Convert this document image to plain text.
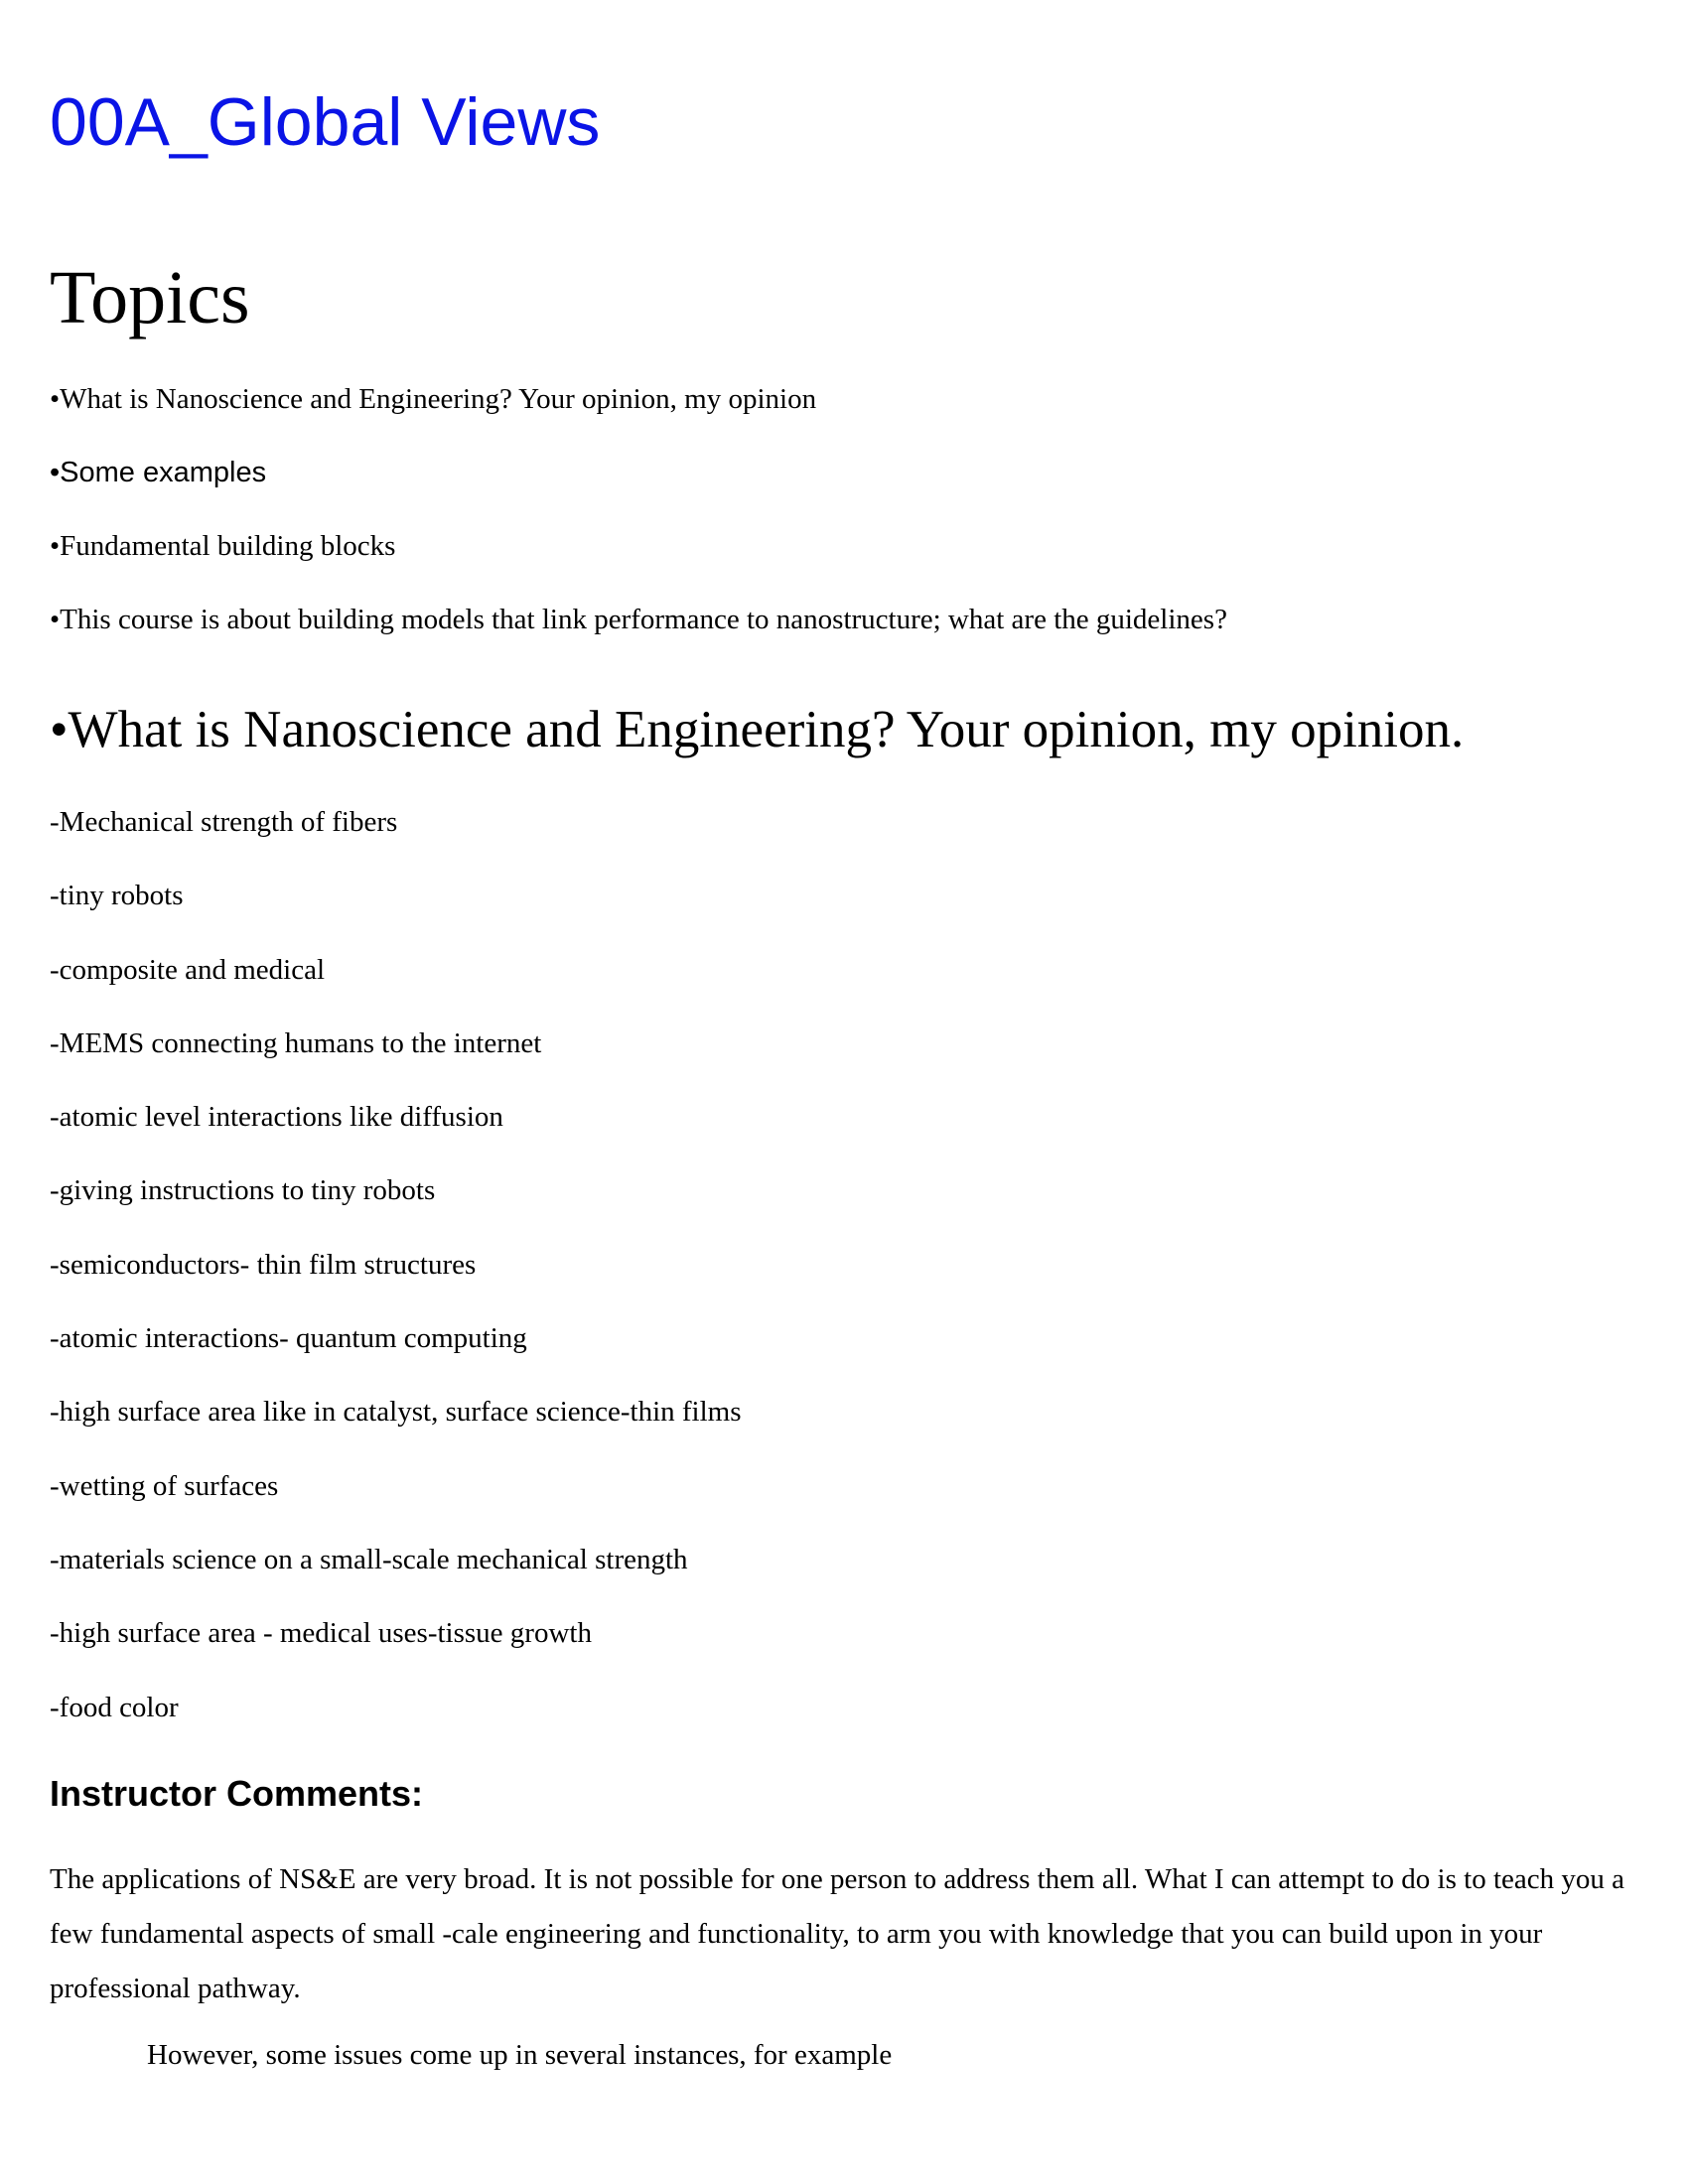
00A_Global Views
Topics
•What is Nanoscience and Engineering? Your opinion, my opinion
•Some examples
•Fundamental building blocks
•This course is about building models that link performance to nanostructure; what are the guidelines?
•What is Nanoscience and Engineering? Your opinion, my opinion.
-Mechanical strength of fibers
-tiny robots
-composite and medical
-MEMS connecting humans to the internet
-atomic level interactions like diffusion
-giving instructions to tiny robots
-semiconductors- thin film structures
-atomic interactions- quantum computing
-high surface area like in catalyst, surface science-thin films
-wetting of surfaces
-materials science on a small-scale mechanical strength
-high surface area - medical uses-tissue growth
-food color
Instructor Comments:

The applications of NS&E are very broad. It is not possible for one person to address them all. What I can attempt to do is to teach you a few fundamental aspects of small -cale engineering and functionality, to arm you with knowledge that you can build upon in your professional pathway.

However, some issues come up in several instances, for example
